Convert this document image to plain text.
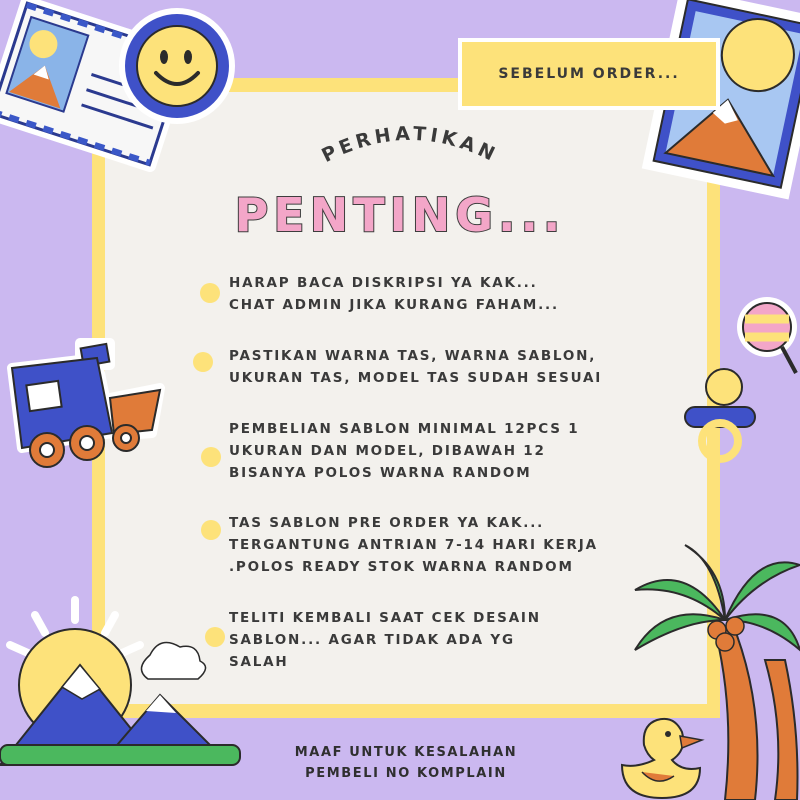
SEBELUM ORDER...
PERHATIKAN
PENTING...
HARAP BACA DISKRIPSI YA KAK...
CHAT ADMIN JIKA KURANG FAHAM...
PASTIKAN WARNA TAS, WARNA SABLON,
UKURAN TAS, MODEL TAS SUDAH SESUAI
PEMBELIAN SABLON MINIMAL 12PCS 1
UKURAN DAN MODEL, DIBAWAH 12
BISANYA POLOS WARNA RANDOM
TAS SABLON PRE ORDER YA KAK...
TERGANTUNG ANTRIAN 7-14 HARI KERJA
.POLOS READY STOK WARNA RANDOM
TELITI KEMBALI SAAT CEK DESAIN
SABLON... AGAR TIDAK ADA YG
SALAH
MAAF UNTUK KESALAHAN
PEMBELI NO KOMPLAIN
